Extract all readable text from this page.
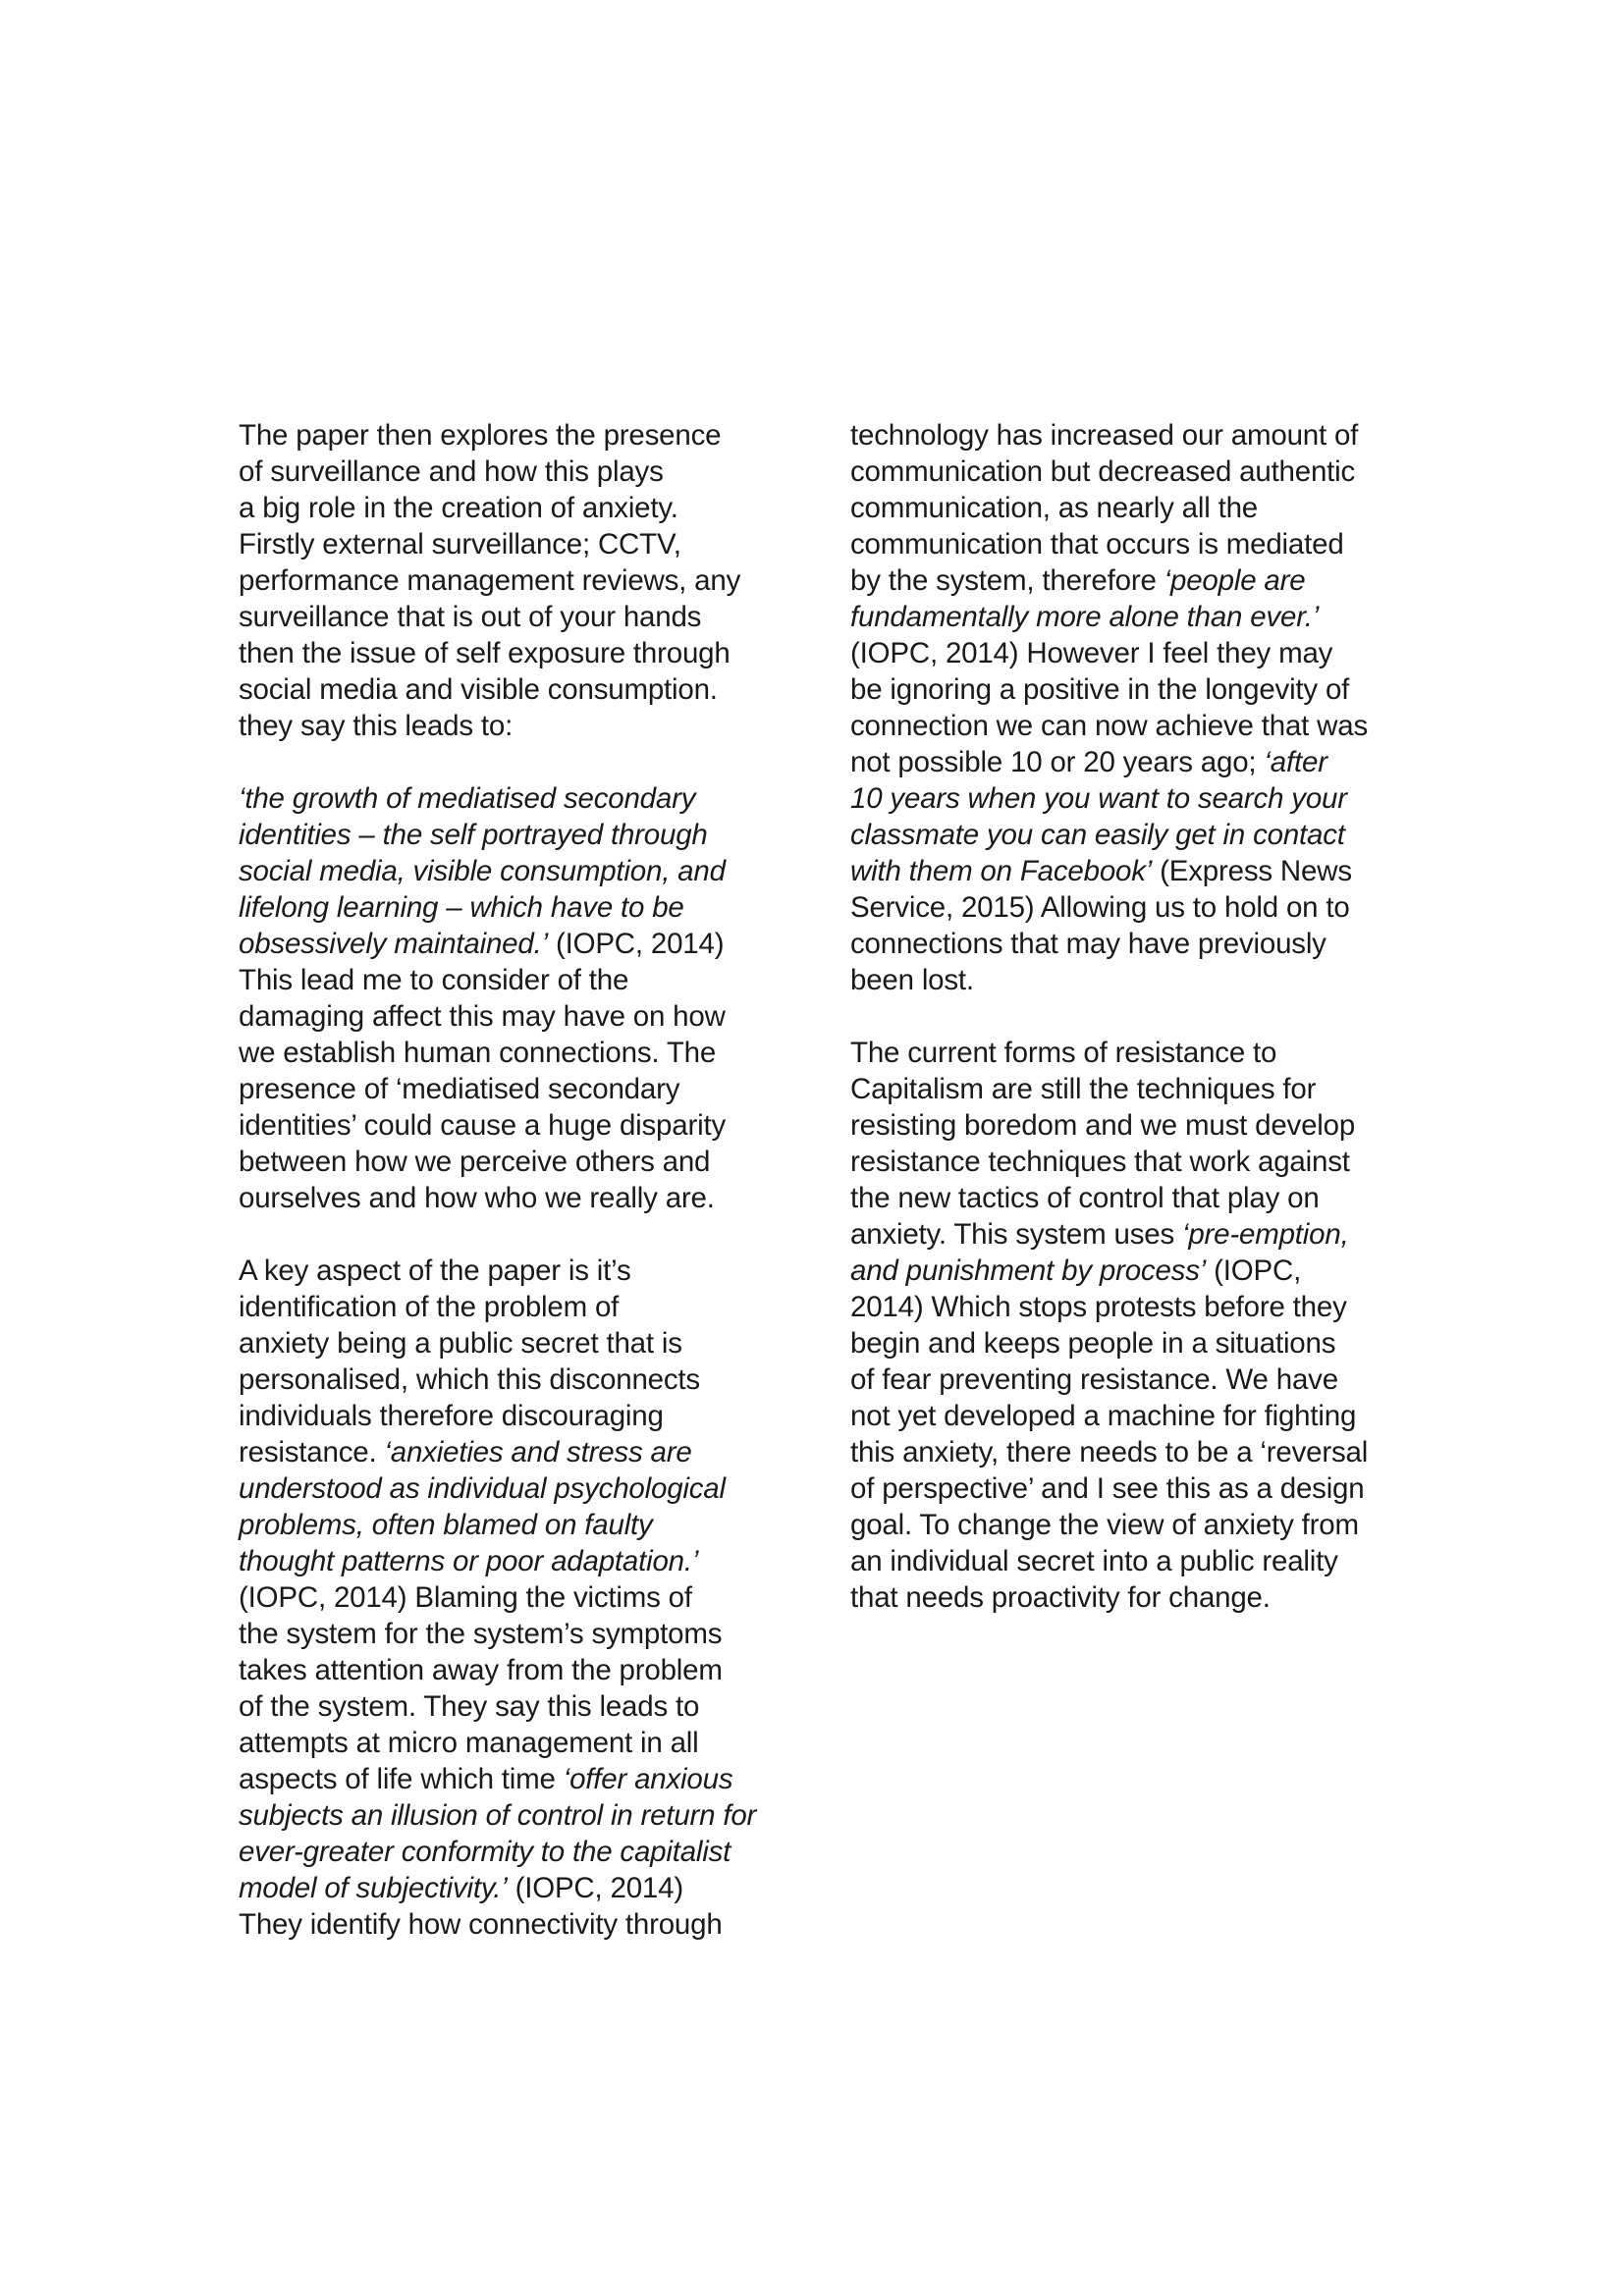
The paper then explores the presence
of surveillance and how this plays
a big role in the creation of anxiety.
Firstly external surveillance; CCTV,
performance management reviews, any
surveillance that is out of your hands
then the issue of self exposure through
social media and visible consumption.
they say this leads to:
‘the growth of mediatised secondary
identities – the self portrayed through
social media, visible consumption, and
lifelong learning – which have to be
obsessively maintained.’ (IOPC, 2014)
This lead me to consider of the
damaging affect this may have on how
we establish human connections. The
presence of ‘mediatised secondary
identities’ could cause a huge disparity
between how we perceive others and
ourselves and how who we really are.
A key aspect of the paper is it’s
identification of the problem of
anxiety being a public secret that is
personalised, which this disconnects
individuals therefore discouraging
resistance. ‘anxieties and stress are
understood as individual psychological
problems, often blamed on faulty
thought patterns or poor adaptation.’
(IOPC, 2014) Blaming the victims of
the system for the system’s symptoms
takes attention away from the problem
of the system. They say this leads to
attempts at micro management in all
aspects of life which time ‘offer anxious
subjects an illusion of control in return for
ever-greater conformity to the capitalist
model of subjectivity.’ (IOPC, 2014)
They identify how connectivity through
technology has increased our amount of
communication but decreased authentic
communication, as nearly all the
communication that occurs is mediated
by the system, therefore ‘people are
fundamentally more alone than ever.’
(IOPC, 2014) However I feel they may
be ignoring a positive in the longevity of
connection we can now achieve that was
not possible 10 or 20 years ago; ‘after
10 years when you want to search your
classmate you can easily get in contact
with them on Facebook’ (Express News
Service, 2015) Allowing us to hold on to
connections that may have previously
been lost.
The current forms of resistance to
Capitalism are still the techniques for
resisting boredom and we must develop
resistance techniques that work against
the new tactics of control that play on
anxiety. This system uses ‘pre-emption,
and punishment by process’ (IOPC,
2014) Which stops protests before they
begin and keeps people in a situations
of fear preventing resistance. We have
not yet developed a machine for fighting
this anxiety, there needs to be a ‘reversal
of perspective’ and I see this as a design
goal. To change the view of anxiety from
an individual secret into a public reality
that needs proactivity for change.
